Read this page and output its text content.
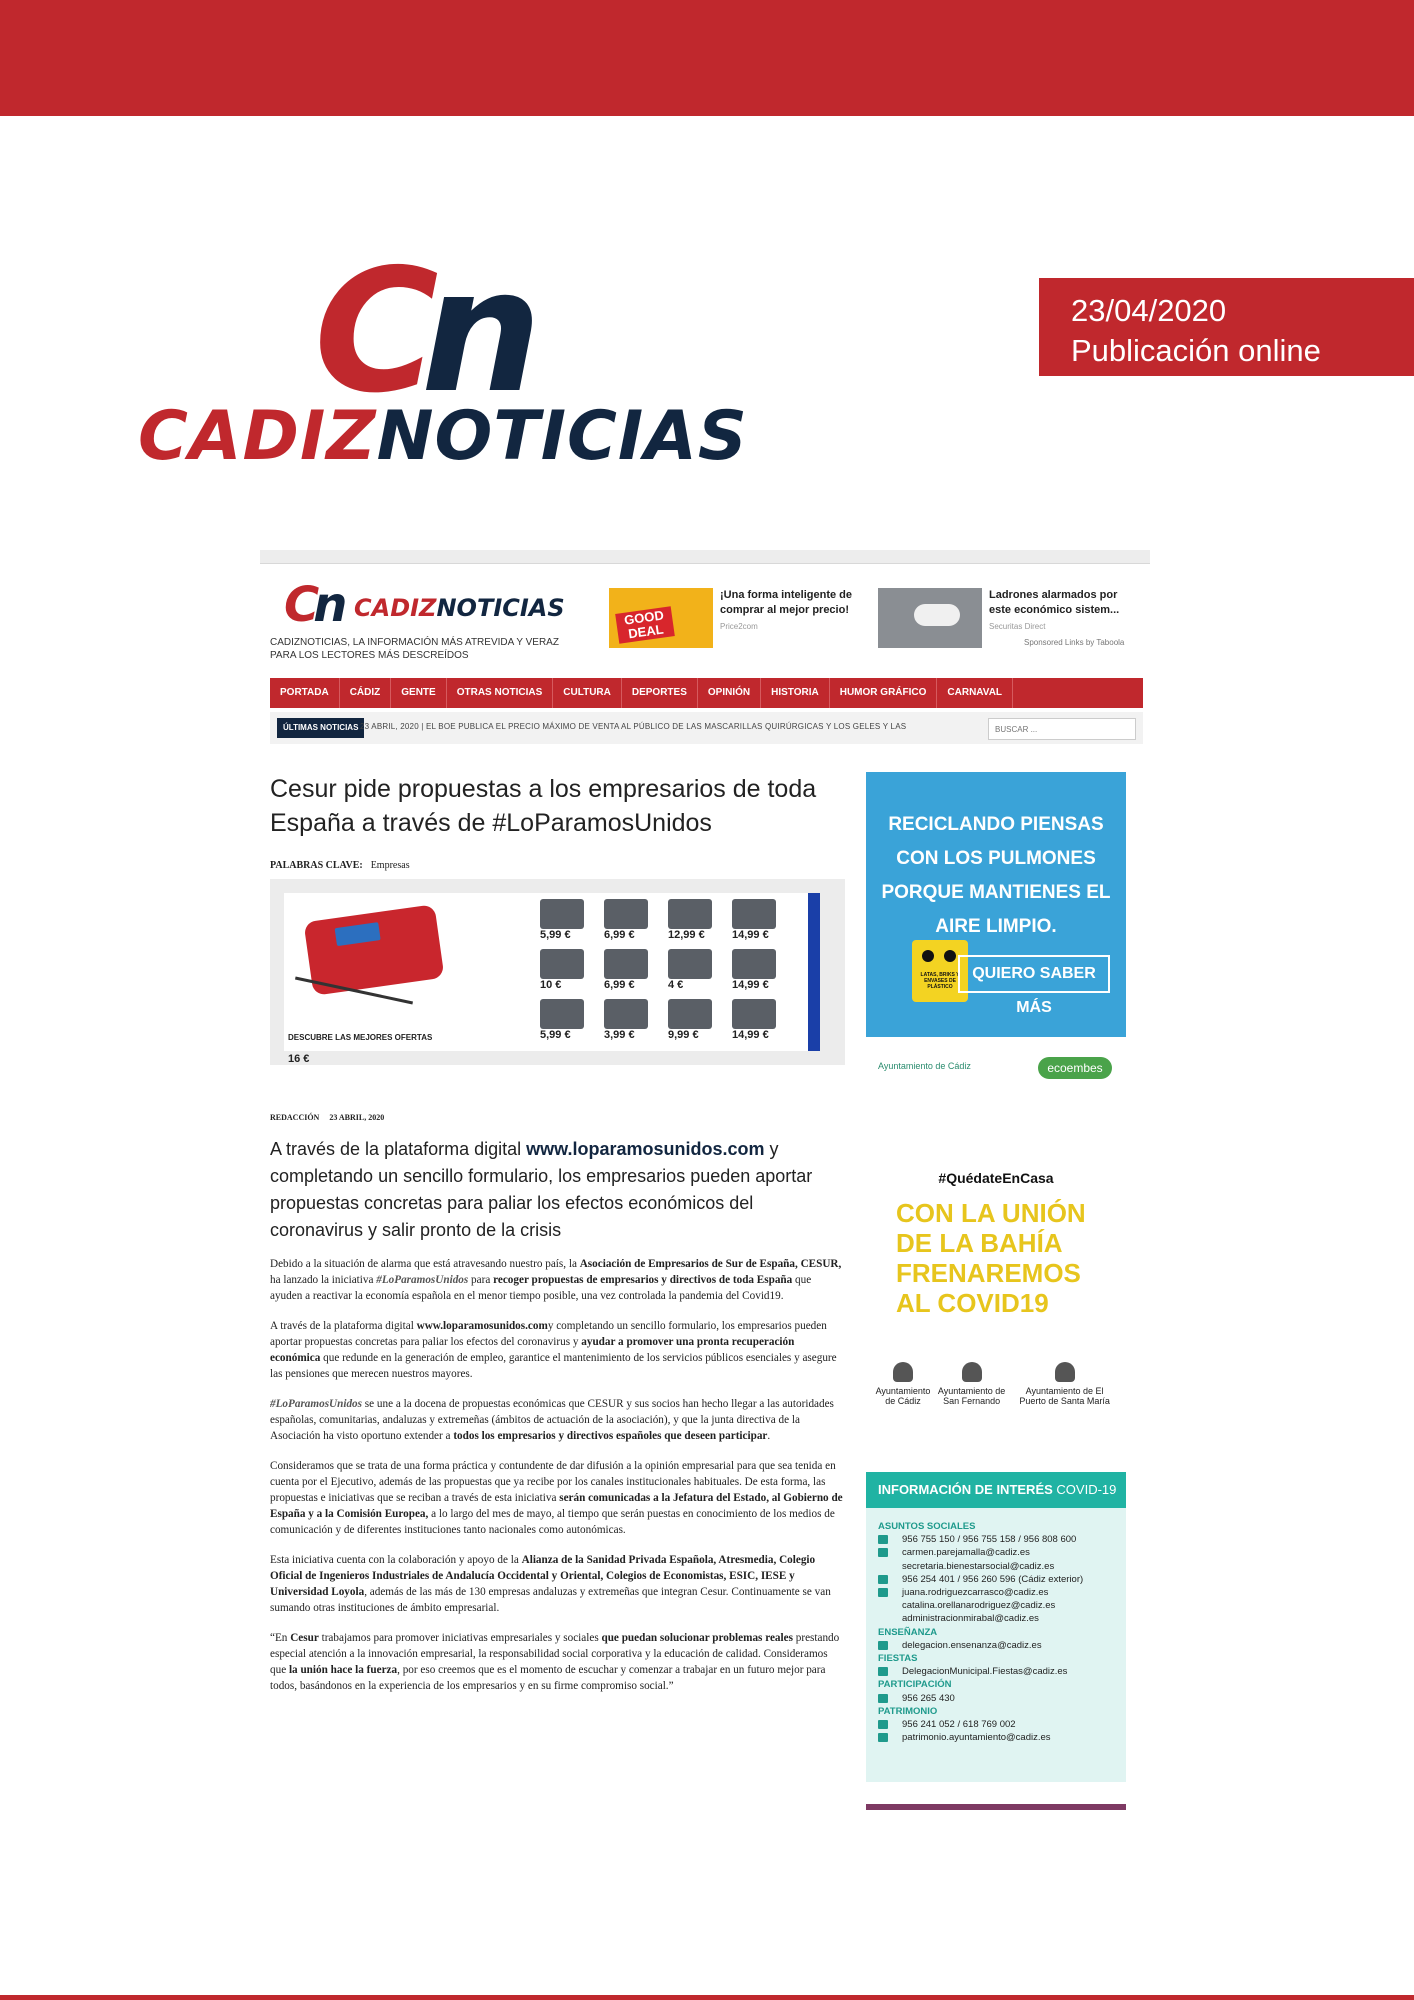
Cn
CADIZNOTICIAS
23/04/2020
Publicación online
Cn CADIZNOTICIAS
CADIZNOTICIAS, LA INFORMACIÓN MÁS ATREVIDA Y VERAZ PARA LOS LECTORES MÁS DESCREÍDOS
GOOD DEAL
¡Una forma inteligente de comprar al mejor precio!
Price2com
Ladrones alarmados por este económico sistem...
Securitas Direct
Sponsored Links by Taboola
PORTADA	CÁDIZ	GENTE	OTRAS NOTICIAS	CULTURA	DEPORTES	OPINIÓN	HISTORIA	HUMOR GRÁFICO	CARNAVAL
ÚLTIMAS NOTICIAS 23 ABRIL, 2020 | EL BOE PUBLICA EL PRECIO MÁXIMO DE VENTA AL PÚBLICO DE LAS MASCARILLAS QUIRÚRGICAS Y LOS GELES Y LAS
BUSCAR ...
Cesur pide propuestas a los empresarios de toda España a través de #LoParamosUnidos
PALABRAS CLAVE: Empresas
DESCUBRE LAS MEJORES OFERTAS
16 €
5,99 €	6,99 €	12,99 € 14,99 €
10 €	6,99 €	4 €	14,99 €
5,99 €	3,99 €	9,99 €	14,99 €
REDACCIÓN 23 ABRIL, 2020
A través de la plataforma digital www.loparamosunidos.com y completando un sencillo formulario, los empresarios pueden aportar propuestas concretas para paliar los efectos económicos del coronavirus y salir pronto de la crisis

Debido a la situación de alarma que está atravesando nuestro país, la Asociación de Empresarios de Sur de España, CESUR, ha lanzado la iniciativa #LoParamosUnidos para recoger propuestas de empresarios y directivos de toda España que ayuden a reactivar la economía española en el menor tiempo posible, una vez controlada la pandemia del Covid19.

A través de la plataforma digital www.loparamosunidos.comy completando un sencillo formulario, los empresarios pueden aportar propuestas concretas para paliar los efectos del coronavirus y ayudar a promover una pronta recuperación económica que redunde en la generación de empleo, garantice el mantenimiento de los servicios públicos esenciales y asegure las pensiones que merecen nuestros mayores.

#LoParamosUnidos se une a la docena de propuestas económicas que CESUR y sus socios han hecho llegar a las autoridades españolas, comunitarias, andaluzas y extremeñas (ámbitos de actuación de la asociación), y que la junta directiva de la Asociación ha visto oportuno extender a todos los empresarios y directivos españoles que deseen participar.

Consideramos que se trata de una forma práctica y contundente de dar difusión a la opinión empresarial para que sea tenida en cuenta por el Ejecutivo, además de las propuestas que ya recibe por los canales institucionales habituales. De esta forma, las propuestas e iniciativas que se reciban a través de esta iniciativa serán comunicadas a la Jefatura del Estado, al Gobierno de España y a la Comisión Europea, a lo largo del mes de mayo, al tiempo que serán puestas en conocimiento de los medios de comunicación y de diferentes instituciones tanto nacionales como autonómicas.

Esta iniciativa cuenta con la colaboración y apoyo de la Alianza de la Sanidad Privada Española, Atresmedia, Colegio Oficial de Ingenieros Industriales de Andalucía Occidental y Oriental, Colegios de Economistas, ESIC, IESE y Universidad Loyola, además de las más de 130 empresas andaluzas y extremeñas que integran Cesur. Continuamente se van sumando otras instituciones de ámbito empresarial.

“En Cesur trabajamos para promover iniciativas empresariales y sociales que puedan solucionar problemas reales prestando especial atención a la innovación empresarial, la responsabilidad social corporativa y la educación de calidad. Consideramos que la unión hace la fuerza, por eso creemos que es el momento de escuchar y comenzar a trabajar en un futuro mejor para todos, basándonos en la experiencia de los empresarios y en su firme compromiso social.”

RECICLANDO PIENSAS CON LOS PULMONES PORQUE MANTIENES EL AIRE LIMPIO.
LATAS, BRIKS Y ENVASES DE PLÁSTICO
QUIERO SABER MÁS
Ayuntamiento de Cádiz	ecoembes
#QuédateEnCasa
CON LA UNIÓN DE LA BAHÍA FRENAREMOS AL COVID19
Ayuntamiento de Cádiz
Ayuntamiento de San Fernando
Ayuntamiento de El Puerto de Santa María
INFORMACIÓN DE INTERÉS COVID-19
ASUNTOS SOCIALES
956 755 150 / 956 755 158 / 956 808 600
carmen.parejamalla@cadiz.es
secretaria.bienestarsocial@cadiz.es
956 254 401 / 956 260 596 (Cádiz exterior)
juana.rodriguezcarrasco@cadiz.es
catalina.orellanarodriguez@cadiz.es
administracionmirabal@cadiz.es
ENSEÑANZA
delegacion.ensenanza@cadiz.es
FIESTAS
DelegacionMunicipal.Fiestas@cadiz.es
PARTICIPACIÓN
956 265 430
PATRIMONIO
956 241 052 / 618 769 002
patrimonio.ayuntamiento@cadiz.es
